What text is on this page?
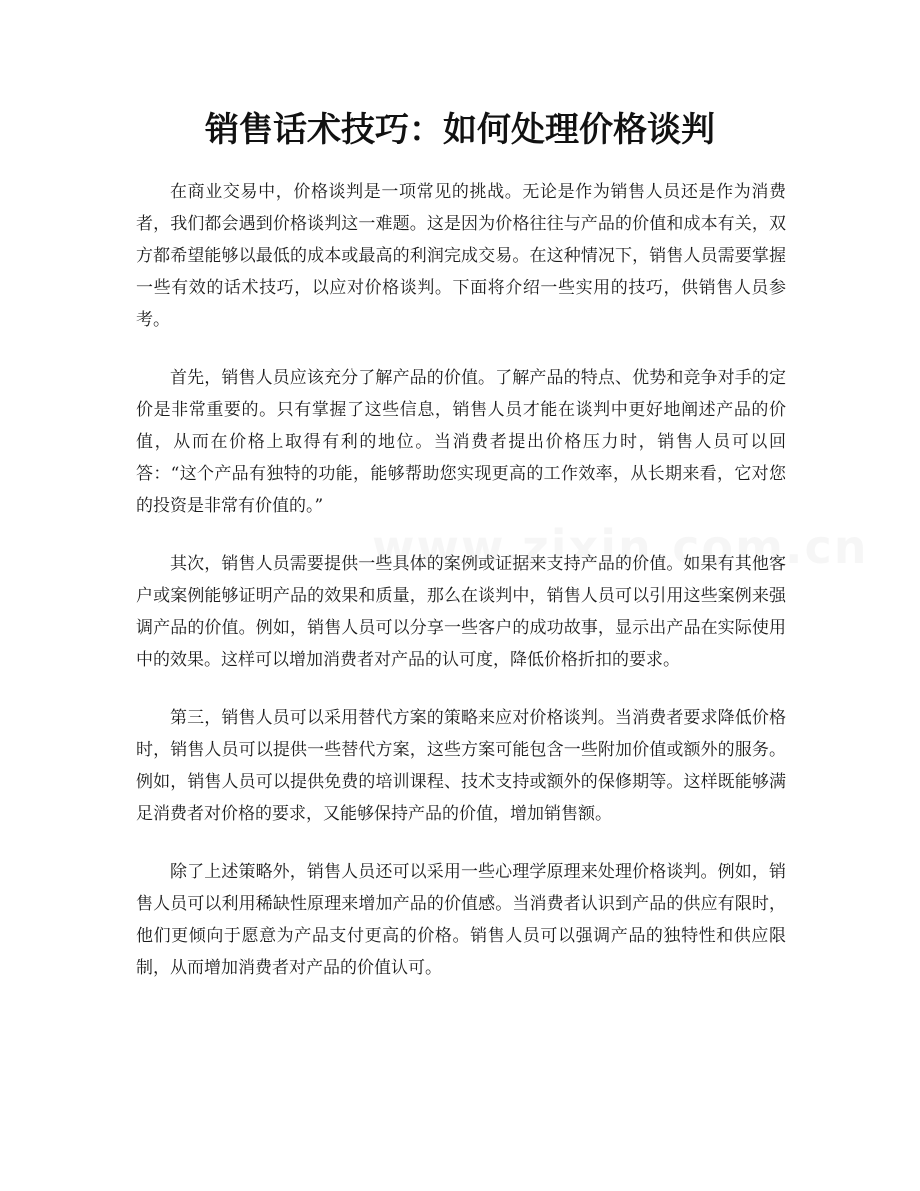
销售话术技巧：如何处理价格谈判

在商业交易中，价格谈判是一项常见的挑战。无论是作为销售人员还是作为消费者，我们都会遇到价格谈判这一难题。这是因为价格往往与产品的价值和成本有关，双方都希望能够以最低的成本或最高的利润完成交易。在这种情况下，销售人员需要掌握一些有效的话术技巧，以应对价格谈判。下面将介绍一些实用的技巧，供销售人员参考。

首先，销售人员应该充分了解产品的价值。了解产品的特点、优势和竞争对手的定价是非常重要的。只有掌握了这些信息，销售人员才能在谈判中更好地阐述产品的价值，从而在价格上取得有利的地位。当消费者提出价格压力时，销售人员可以回答：“这个产品有独特的功能，能够帮助您实现更高的工作效率，从长期来看，它对您的投资是非常有价值的。”

其次，销售人员需要提供一些具体的案例或证据来支持产品的价值。如果有其他客户或案例能够证明产品的效果和质量，那么在谈判中，销售人员可以引用这些案例来强调产品的价值。例如，销售人员可以分享一些客户的成功故事，显示出产品在实际使用中的效果。这样可以增加消费者对产品的认可度，降低价格折扣的要求。

第三，销售人员可以采用替代方案的策略来应对价格谈判。当消费者要求降低价格时，销售人员可以提供一些替代方案，这些方案可能包含一些附加价值或额外的服务。例如，销售人员可以提供免费的培训课程、技术支持或额外的保修期等。这样既能够满足消费者对价格的要求，又能够保持产品的价值，增加销售额。

除了上述策略外，销售人员还可以采用一些心理学原理来处理价格谈判。例如，销售人员可以利用稀缺性原理来增加产品的价值感。当消费者认识到产品的供应有限时，他们更倾向于愿意为产品支付更高的价格。销售人员可以强调产品的独特性和供应限制，从而增加消费者对产品的价值认可。
